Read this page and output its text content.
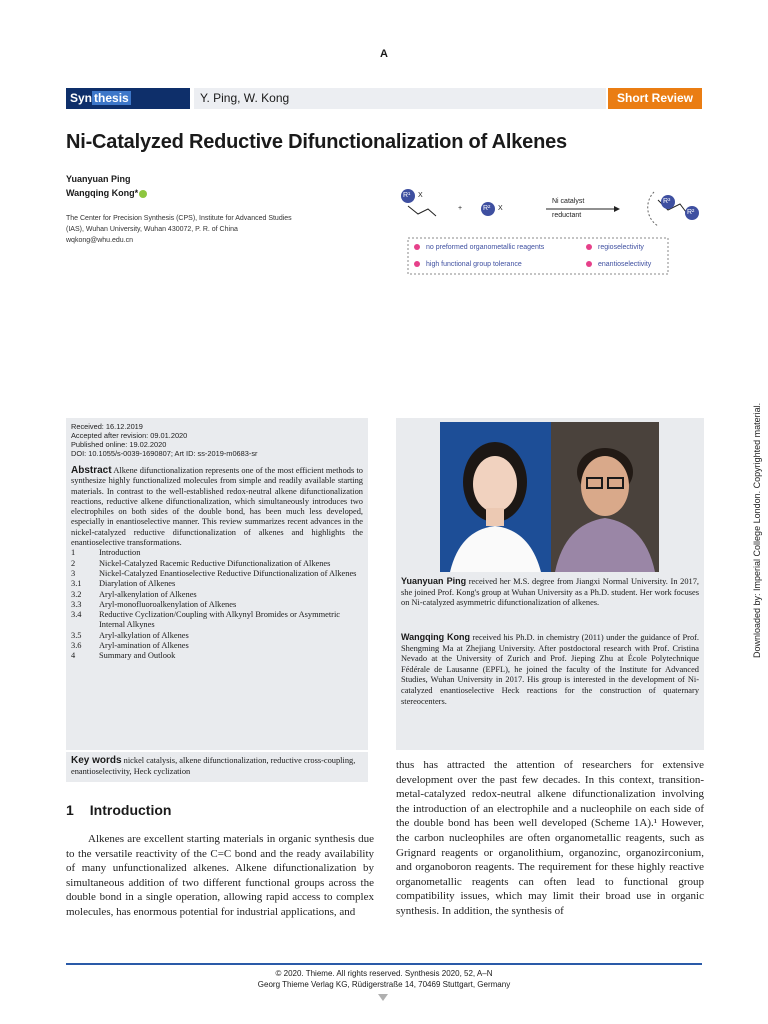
A
Syn thesis	Y. Ping, W. Kong	Short Review
Ni-Catalyzed Reductive Difunctionalization of Alkenes
Yuanyuan Ping
Wangqing Kong*
The Center for Precision Synthesis (CPS), Institute for Advanced Studies (IAS), Wuhan University, Wuhan 430072, P. R. of China
wqkong@whu.edu.cn
R¹ X
+	R² X
Ni catalyst
reductant
R³
R²
no preformed organometallic reagents
high functional group tolerance
regioselectivity
enantioselectivity
Received: 16.12.2019
Accepted after revision: 09.01.2020
Published online: 19.02.2020
DOI: 10.1055/s-0039-1690807; Art ID: ss-2019-m0683-sr
Abstract Alkene difunctionalization represents one of the most efficient methods to synthesize highly functionalized molecules from simple and readily available starting materials. In contrast to the well-established redox-neutral alkene difunctionalization reactions, reductive alkene difunctionalization, which simultaneously introduces two electrophiles on both sides of the double bond, has been much less developed, especially in enantioselective manner. This review summarizes recent advances in the nickel-catalyzed reductive difunctionalization of alkenes and highlights the enantioselective transformations.
1	Introduction
2	Nickel-Catalyzed Racemic Reductive Difunctionalization of Alkenes
3	Nickel-Catalyzed Enantioselective Reductive Difunctionalization of Alkenes
3.1	Diarylation of Alkenes
3.2	Aryl-alkenylation of Alkenes
3.3	Aryl-monofluoroalkenylation of Alkenes
3.4	Reductive Cyclization/Coupling with Alkynyl Bromides or Asymmetric Internal Alkynes
3.5	Aryl-alkylation of Alkenes
3.6	Aryl-amination of Alkenes
4	Summary and Outlook
Key words nickel catalysis, alkene difunctionalization, reductive cross-coupling, enantioselectivity, Heck cyclization
Yuanyuan Ping received her M.S. degree from Jiangxi Normal University. In 2017, she joined Prof. Kong's group at Wuhan University as a Ph.D. student. Her work focuses on Ni-catalyzed asymmetric difunctionalization of alkenes.
Wangqing Kong received his Ph.D. in chemistry (2011) under the guidance of Prof. Shengming Ma at Zhejiang University. After postdoctoral research with Prof. Cristina Nevado at the University of Zurich and Prof. Jieping Zhu at École Polytechnique Fédérale de Lausanne (EPFL), he joined the faculty of the Institute for Advanced Studies, Wuhan University in 2017. His group is interested in the development of Ni-catalyzed enantioselective Heck reactions for the construction of quaternary stereocenters.
1 Introduction

Alkenes are excellent starting materials in organic synthesis due to the versatile reactivity of the C=C bond and the ready availability of many unfunctionalized alkenes. Alkene difunctionalization by simultaneous addition of two different functional groups across the double bond in a single operation, allowing rapid access to complex molecules, has enormous potential for industrial applications, and

thus has attracted the attention of researchers for extensive development over the past few decades. In this context, transition-metal-catalyzed redox-neutral alkene difunctionalization involving the introduction of an electrophile and a nucleophile on each side of the double bond has been well developed (Scheme 1A).¹ However, the carbon nucleophiles are often organometallic reagents, such as Grignard reagents or organolithium, organozinc, organozirconium, and organoboron reagents. The requirement for these highly reactive organometallic reagents can often lead to functional group compatibility issues, which may limit their broad use in organic synthesis. In addition, the synthesis of

© 2020. Thieme. All rights reserved. Synthesis 2020, 52, A–N
Georg Thieme Verlag KG, Rüdigerstraße 14, 70469 Stuttgart, Germany
Downloaded by: Imperial College London. Copyrighted material.
